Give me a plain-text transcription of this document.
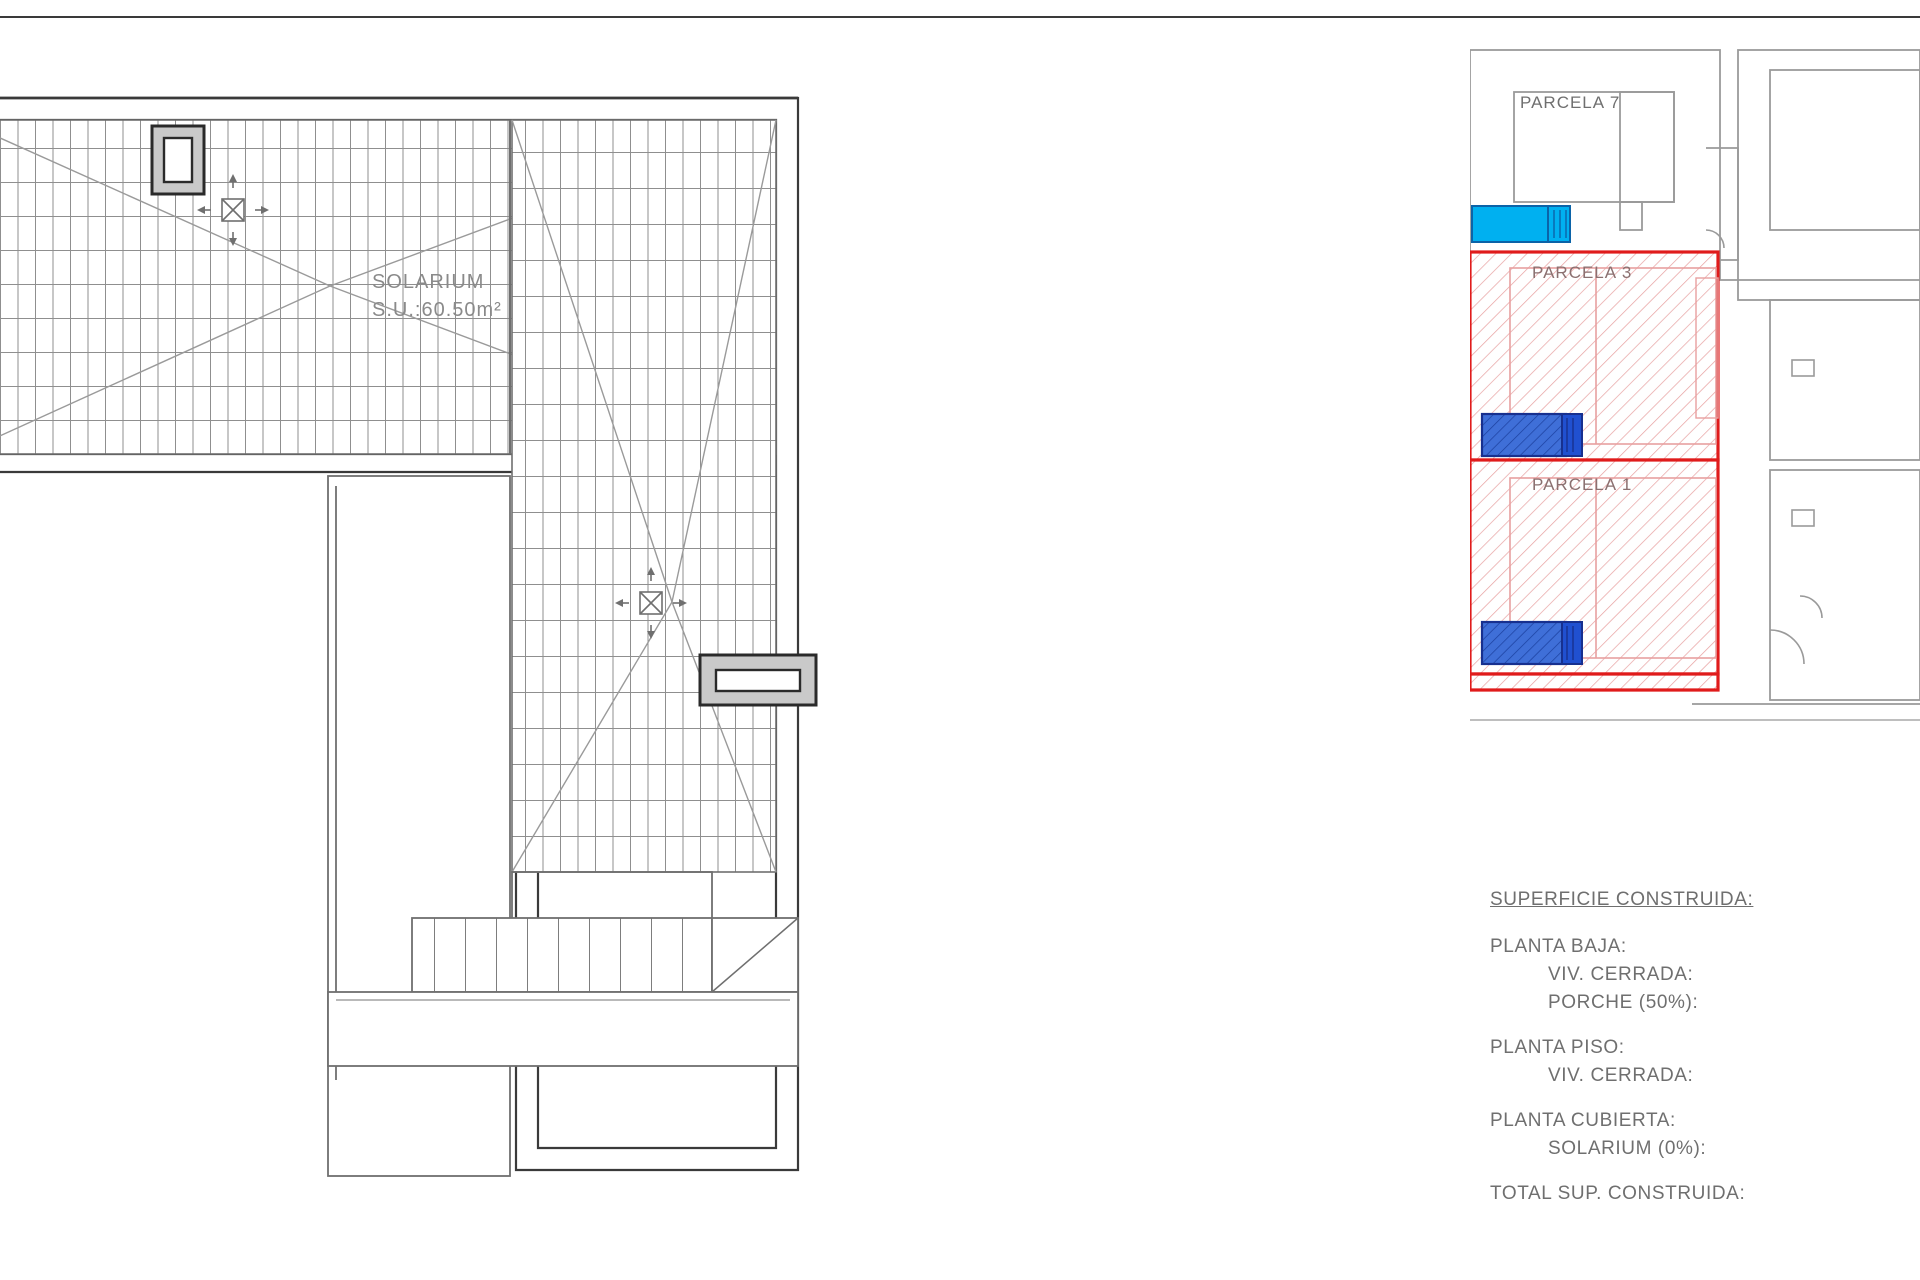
SOLARIUM
S.U.:60.50m²
PARCELA 7
PARCELA 3
PARCELA 1
SUPERFICIE CONSTRUIDA:
PLANTA BAJA:
VIV. CERRADA:
PORCHE (50%):
PLANTA PISO:
VIV. CERRADA:
PLANTA CUBIERTA:
SOLARIUM (0%):
TOTAL SUP. CONSTRUIDA:
